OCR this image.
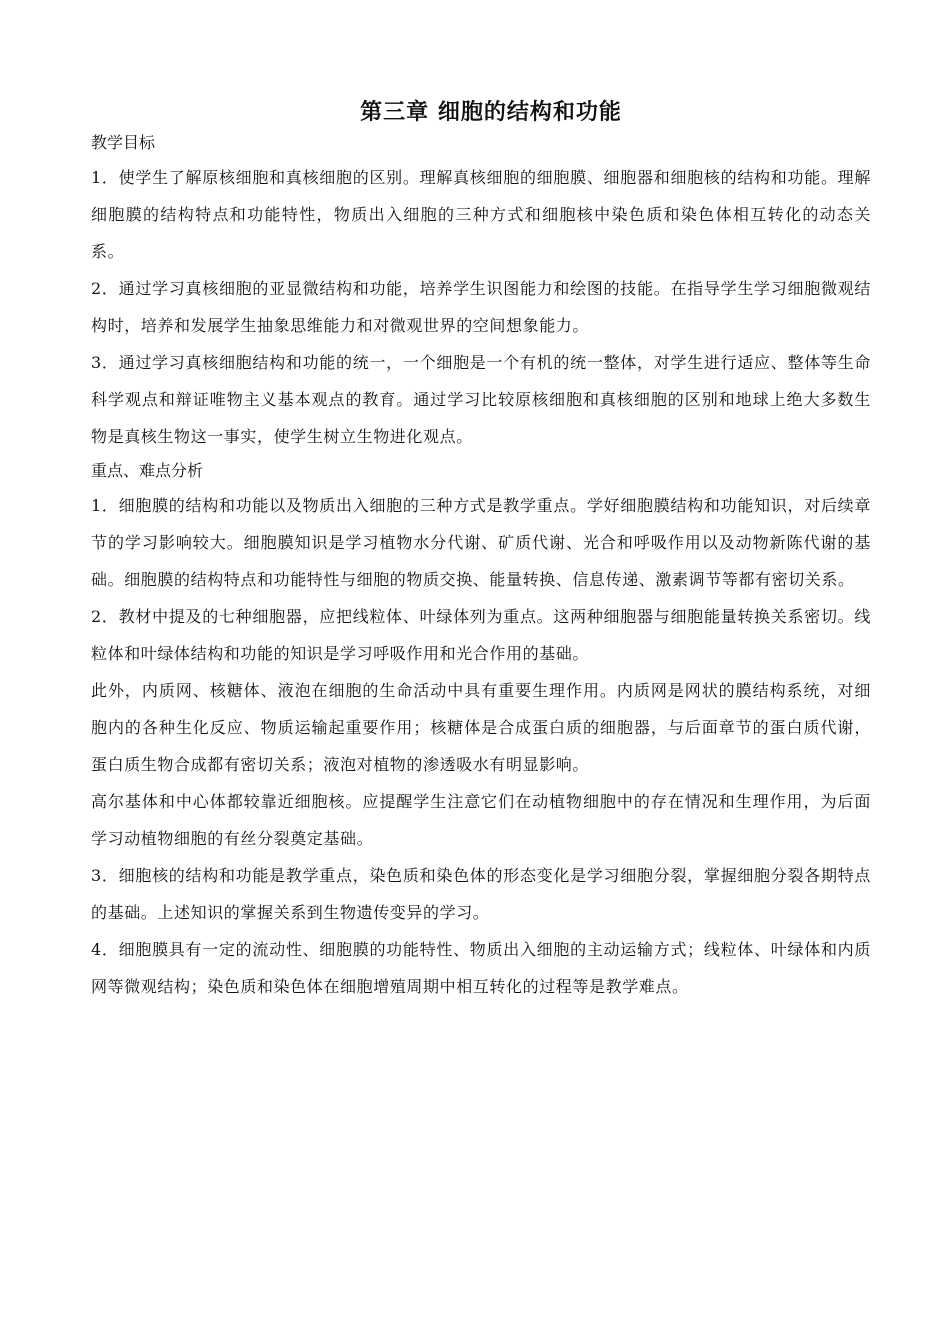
第三章 细胞的结构和功能

教学目标

1．使学生了解原核细胞和真核细胞的区别。理解真核细胞的细胞膜、细胞器和细胞核的结构和功能。理解细胞膜的结构特点和功能特性，物质出入细胞的三种方式和细胞核中染色质和染色体相互转化的动态关系。

2．通过学习真核细胞的亚显微结构和功能，培养学生识图能力和绘图的技能。在指导学生学习细胞微观结构时，培养和发展学生抽象思维能力和对微观世界的空间想象能力。

3．通过学习真核细胞结构和功能的统一，一个细胞是一个有机的统一整体，对学生进行适应、整体等生命科学观点和辩证唯物主义基本观点的教育。通过学习比较原核细胞和真核细胞的区别和地球上绝大多数生物是真核生物这一事实，使学生树立生物进化观点。

重点、难点分析

1．细胞膜的结构和功能以及物质出入细胞的三种方式是教学重点。学好细胞膜结构和功能知识，对后续章节的学习影响较大。细胞膜知识是学习植物水分代谢、矿质代谢、光合和呼吸作用以及动物新陈代谢的基础。细胞膜的结构特点和功能特性与细胞的物质交换、能量转换、信息传递、激素调节等都有密切关系。

2．教材中提及的七种细胞器，应把线粒体、叶绿体列为重点。这两种细胞器与细胞能量转换关系密切。线粒体和叶绿体结构和功能的知识是学习呼吸作用和光合作用的基础。

此外，内质网、核糖体、液泡在细胞的生命活动中具有重要生理作用。内质网是网状的膜结构系统，对细胞内的各种生化反应、物质运输起重要作用；核糖体是合成蛋白质的细胞器，与后面章节的蛋白质代谢，蛋白质生物合成都有密切关系；液泡对植物的渗透吸水有明显影响。

高尔基体和中心体都较靠近细胞核。应提醒学生注意它们在动植物细胞中的存在情况和生理作用，为后面学习动植物细胞的有丝分裂奠定基础。

3．细胞核的结构和功能是教学重点，染色质和染色体的形态变化是学习细胞分裂，掌握细胞分裂各期特点的基础。上述知识的掌握关系到生物遗传变异的学习。

4．细胞膜具有一定的流动性、细胞膜的功能特性、物质出入细胞的主动运输方式；线粒体、叶绿体和内质网等微观结构；染色质和染色体在细胞增殖周期中相互转化的过程等是教学难点。
